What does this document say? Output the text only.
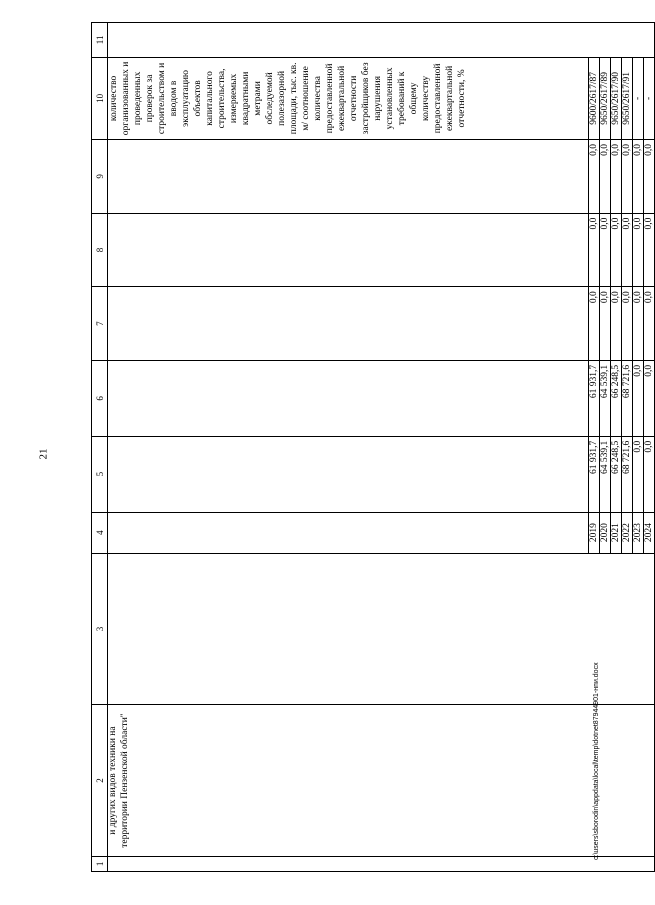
21
c:\users\sborodin\appdata\local\temp\dotnet87944901-нпи.docx
1	2	3	4	5	6	7	8	9	10	11
	и других видов техники на территории Пензенской области"								количество организованных и проведенных проверок за строительством и вводом в эксплуатацию объектов капитального строительства, измеряемых квадратными метрами обследуемой полезазорной площади, тыс. кв. м/ соотношение количества предоставленной ежеквартальной отчетности застройщиков без нарушения установленных требований к общему количеству предоставленной ежеквартальной отчетности, %	
			2019	61 931,7	61 931,7	0,0	0,0	0,0	9600/2617/87	
			2020	64 539,1	64 539,1	0,0	0,0	0,0	9650/2617/89	
			2021	66 248,5	66 248,5	0,0	0,0	0,0	9650/2617/90	
			2022	68 721,6	68 721,6	0,0	0,0	0,0	9650/2617/91	
			2023	0,0	0,0	0,0	0,0	0,0	-	
			2024	0,0	0,0	0,0	0,0	0,0	-	
